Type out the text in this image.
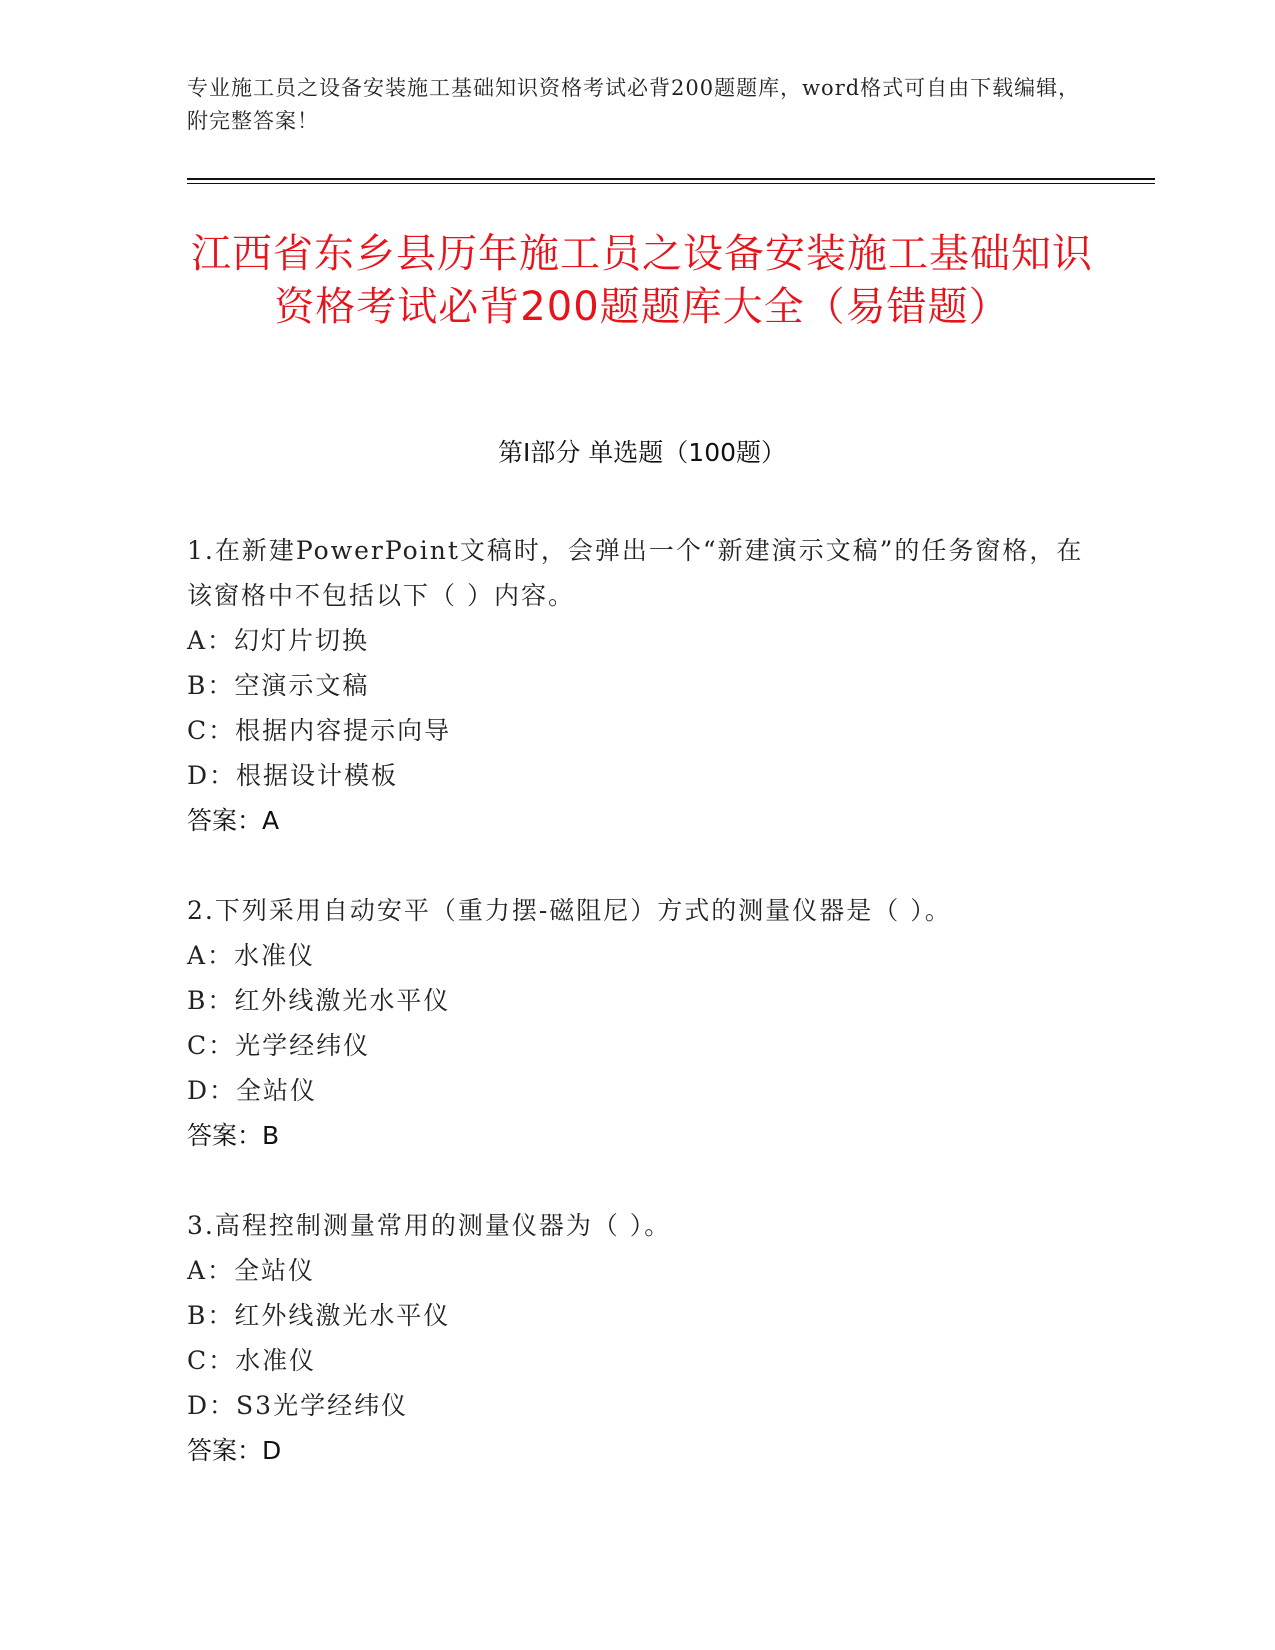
专业施工员之设备安装施工基础知识资格考试必背200题题库，word格式可自由下载编辑，附完整答案！
江西省东乡县历年施工员之设备安装施工基础知识资格考试必背200题题库大全（易错题）
第Ⅰ部分 单选题（100题）
1.在新建PowerPoint文稿时，会弹出一个“新建演示文稿”的任务窗格，在该窗格中不包括以下（ ）内容。
A：幻灯片切换
B：空演示文稿
C：根据内容提示向导
D：根据设计模板
答案：A
2.下列采用自动安平（重力摆-磁阻尼）方式的测量仪器是（ ）。
A：水准仪
B：红外线激光水平仪
C：光学经纬仪
D：全站仪
答案：B
3.高程控制测量常用的测量仪器为（ ）。
A：全站仪
B：红外线激光水平仪
C：水准仪
D：S3光学经纬仪
答案：D
